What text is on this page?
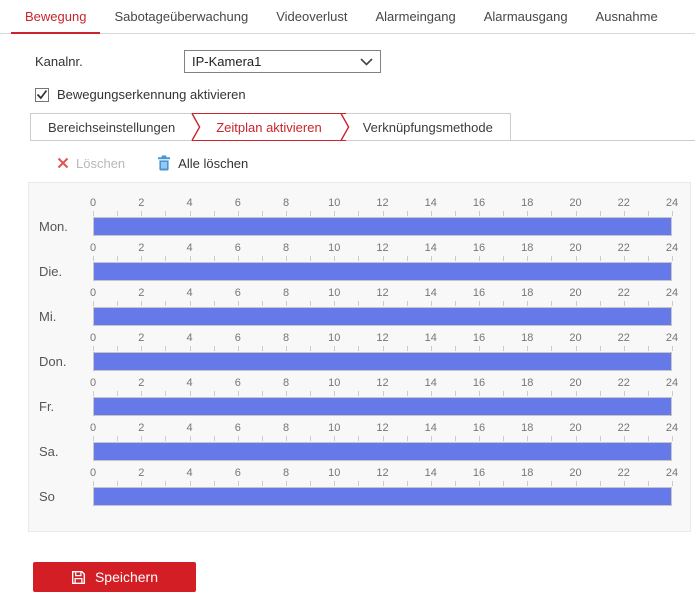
Bewegung	Sabotageüberwachung	Videoverlust	Alarmeingang	Alarmausgang	Ausnahme
Kanalnr.	IP-Kamera1
Bewegungserkennung aktivieren
Bereichseinstellungen	Zeitplan aktivieren	Verknüpfungsmethode
Löschen	Alle löschen
Mon.
0	2	4	6	8	10	12	14	16	18	20	22	24
Die.
0	2	4	6	8	10	12	14	16	18	20	22	24
Mi.
0	2	4	6	8	10	12	14	16	18	20	22	24
Don.
0	2	4	6	8	10	12	14	16	18	20	22	24
Fr.
0	2	4	6	8	10	12	14	16	18	20	22	24
Sa.
0	2	4	6	8	10	12	14	16	18	20	22	24
So
0	2	4	6	8	10	12	14	16	18	20	22	24
Speichern
